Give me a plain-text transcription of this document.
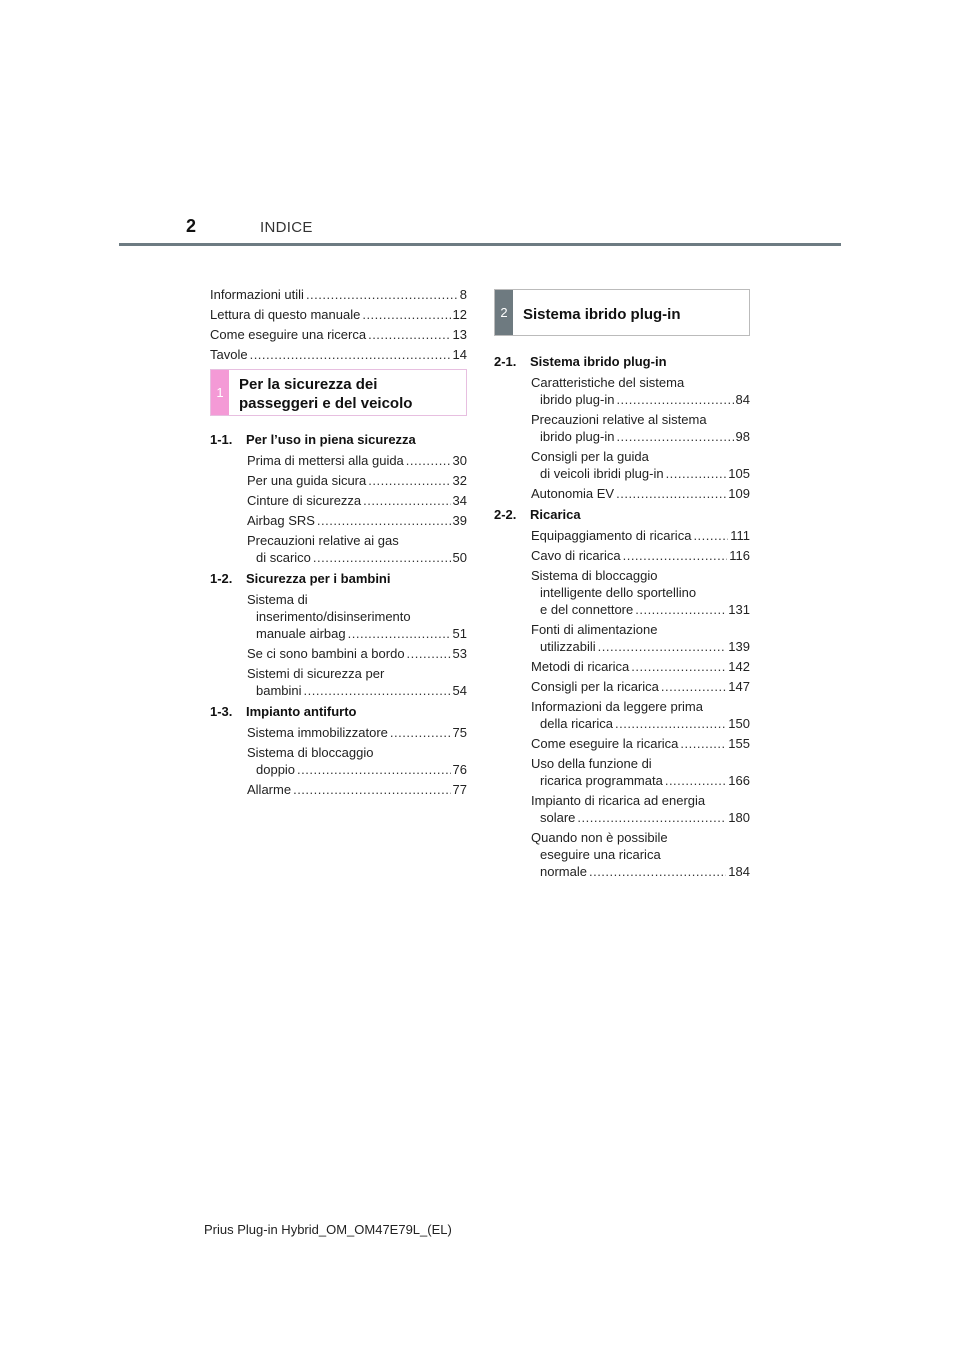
2	INDICE
Informazioni utili .....	8
Lettura di questo manuale .....	12
Come eseguire una ricerca .....	13
Tavole .....	14
1	Per la sicurezza dei
passeggeri e del veicolo
1-1.	Per l’uso in piena sicurezza
Prima di mettersi alla guida .....	30
Per una guida sicura .....	32
Cinture di sicurezza .....	34
Airbag SRS .....	39
Precauzioni relative ai gas
di scarico .....	50
1-2.	Sicurezza per i bambini
Sistema di
inserimento/disinserimento
manuale airbag .....	51
Se ci sono bambini a bordo .....	53
Sistemi di sicurezza per
bambini .....	54
1-3.	Impianto antifurto
Sistema immobilizzatore .....	75
Sistema di bloccaggio
doppio .....	76
Allarme .....	77
2	Sistema ibrido plug-in
2-1.	Sistema ibrido plug-in
Caratteristiche del sistema
ibrido plug-in .....	84
Precauzioni relative al sistema
ibrido plug-in .....	98
Consigli per la guida
di veicoli ibridi plug-in .....	105
Autonomia EV .....	109
2-2.	Ricarica
Equipaggiamento di ricarica .....	111
Cavo di ricarica .....	116
Sistema di bloccaggio
intelligente dello sportellino
e del connettore .....	131
Fonti di alimentazione
utilizzabili .....	139
Metodi di ricarica .....	142
Consigli per la ricarica .....	147
Informazioni da leggere prima
della ricarica .....	150
Come eseguire la ricarica .....	155
Uso della funzione di
ricarica programmata .....	166
Impianto di ricarica ad energia
solare .....	180
Quando non è possibile
eseguire una ricarica
normale .....	184
Prius Plug-in Hybrid_OM_OM47E79L_(EL)
